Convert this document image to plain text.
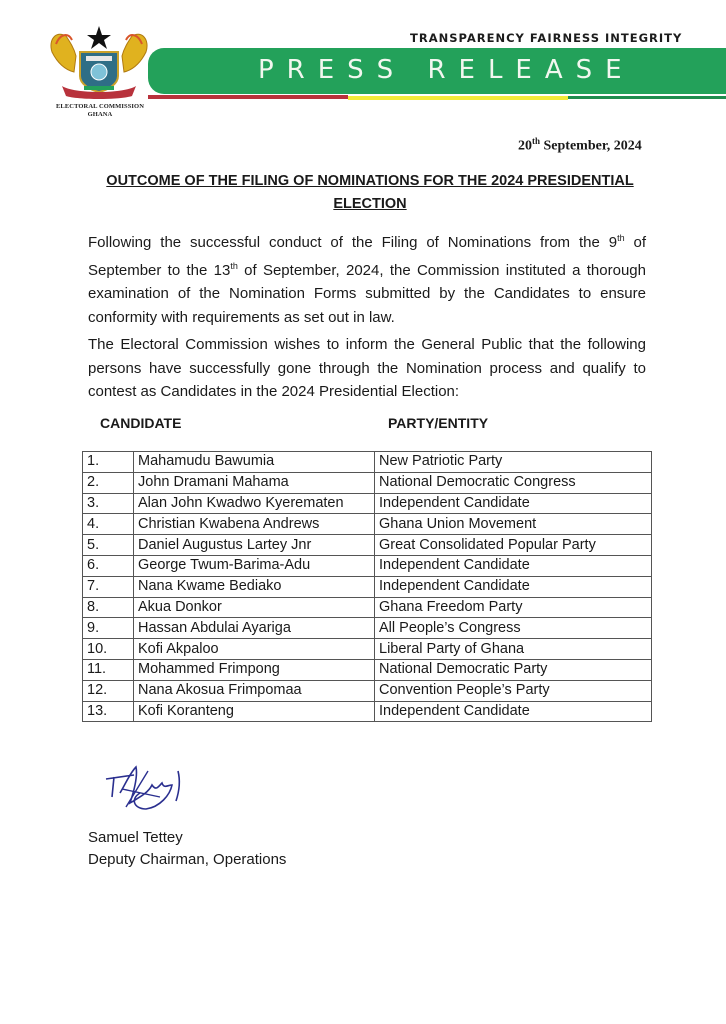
ELECTORAL COMMISSION
GHANA
TRANSPARENCY FAIRNESS INTEGRITY
PRESS RELEASE
20th September, 2024
OUTCOME OF THE FILING OF NOMINATIONS FOR THE 2024 PRESIDENTIAL ELECTION
Following the successful conduct of the Filing of Nominations from the 9th of September to the 13th of September, 2024, the Commission instituted a thorough examination of the Nomination Forms submitted by the Candidates to ensure conformity with requirements as set out in law.
The Electoral Commission wishes to inform the General Public that the following persons have successfully gone through the Nomination process and qualify to contest as Candidates in the 2024 Presidential Election:
CANDIDATE	PARTY/ENTITY
1.	Mahamudu Bawumia	New Patriotic Party
2.	John Dramani Mahama	National Democratic Congress
3.	Alan John Kwadwo Kyerematen	Independent Candidate
4.	Christian Kwabena Andrews	Ghana Union Movement
5.	Daniel Augustus Lartey Jnr	Great Consolidated Popular Party
6.	George Twum-Barima-Adu	Independent Candidate
7.	Nana Kwame Bediako	Independent Candidate
8.	Akua Donkor	Ghana Freedom Party
9.	Hassan Abdulai Ayariga	All People’s Congress
10.	Kofi Akpaloo	Liberal Party of Ghana
11.	Mohammed Frimpong	National Democratic Party
12.	Nana Akosua Frimpomaa	Convention People’s Party
13.	Kofi Koranteng	Independent Candidate
Samuel Tettey
Deputy Chairman, Operations
